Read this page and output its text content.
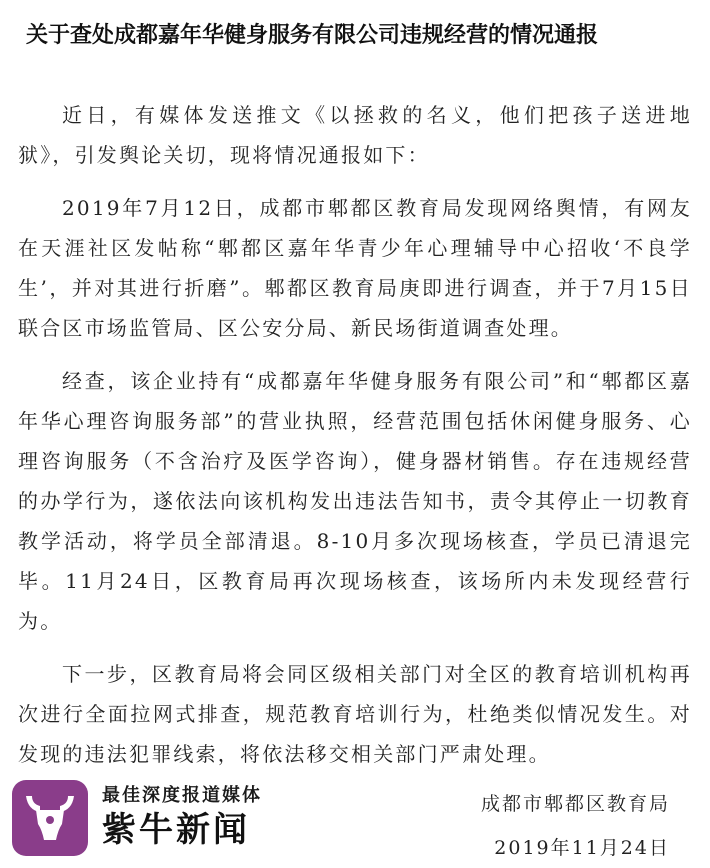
关于查处成都嘉年华健身服务有限公司违规经营的情况通报

近日，有媒体发送推文《以拯救的名义，他们把孩子送进地狱》，引发舆论关切，现将情况通报如下：

2019年7月12日，成都市郫都区教育局发现网络舆情，有网友在天涯社区发帖称“郫都区嘉年华青少年心理辅导中心招收‘不良学生’，并对其进行折磨”。郫都区教育局庚即进行调查，并于7月15日联合区市场监管局、区公安分局、新民场街道调查处理。

经查，该企业持有“成都嘉年华健身服务有限公司”和“郫都区嘉年华心理咨询服务部”的营业执照，经营范围包括休闲健身服务、心理咨询服务（不含治疗及医学咨询），健身器材销售。存在违规经营的办学行为，遂依法向该机构发出违法告知书，责令其停止一切教育教学活动，将学员全部清退。8-10月多次现场核查，学员已清退完毕。11月24日，区教育局再次现场核查，该场所内未发现经营行为。

下一步，区教育局将会同区级相关部门对全区的教育培训机构再次进行全面拉网式排查，规范教育培训行为，杜绝类似情况发生。对发现的违法犯罪线索，将依法移交相关部门严肃处理。

最佳深度报道媒体
紫牛新闻
成都市郫都区教育局
2019年11月24日
